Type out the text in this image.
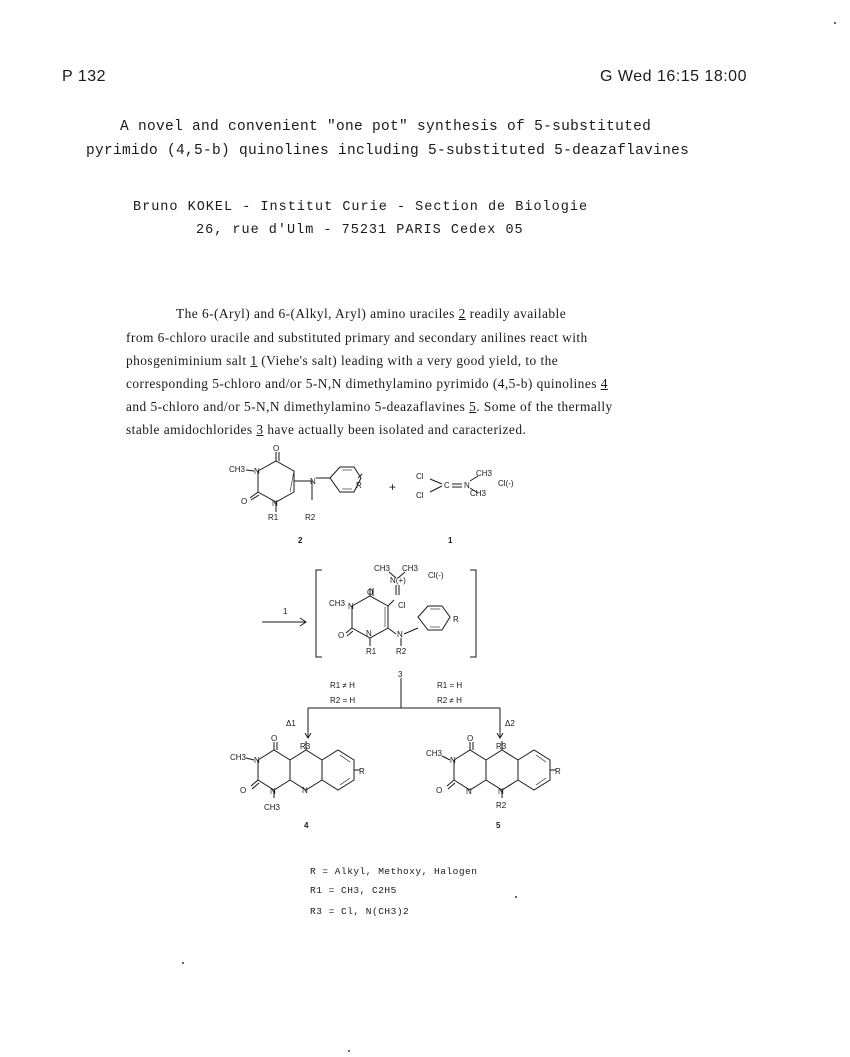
P 132	G Wed 16:15 18:00
A novel and convenient "one pot" synthesis of 5-substituted
pyrimido (4,5-b) quinolines including 5-substituted 5-deazaflavines
Bruno KOKEL - Institut Curie - Section de Biologie
26, rue d'Ulm - 75231 PARIS Cedex 05
The 6-(Aryl) and 6-(Alkyl, Aryl) amino uraciles 2 readily available
from 6-chloro uracile and substituted primary and secondary anilines react with
phosgeniminium salt 1 (Viehe's salt) leading with a very good yield, to the
corresponding 5-chloro and/or 5-N,N dimethylamino pyrimido (4,5-b) quinolines 4
and 5-chloro and/or 5-N,N dimethylamino 5-deazaflavines 5. Some of the thermally
stable amidochlorides 3 have actually been isolated and caracterized.
CH3
O
N
O	N
R1
N
R2
R +
Cl
Cl
C N
CH3
CH3
Cl(-)
2	1
1
CH3 CH3
N(+)
Cl(-)
CH3
O
N	Cl
O	N	N
R1 R2
R
3
R1 ≠ H
R2 = H
R1 = H
R2 ≠ H
Δ1	Δ2
CH3
O
R3
N
O	N	N
CH3
R
4
CH3
O
R3
N
O	N	N
R2
R
5
R = Alkyl, Methoxy, Halogen
R1 = CH3, C2H5
R3 = Cl, N(CH3)2
